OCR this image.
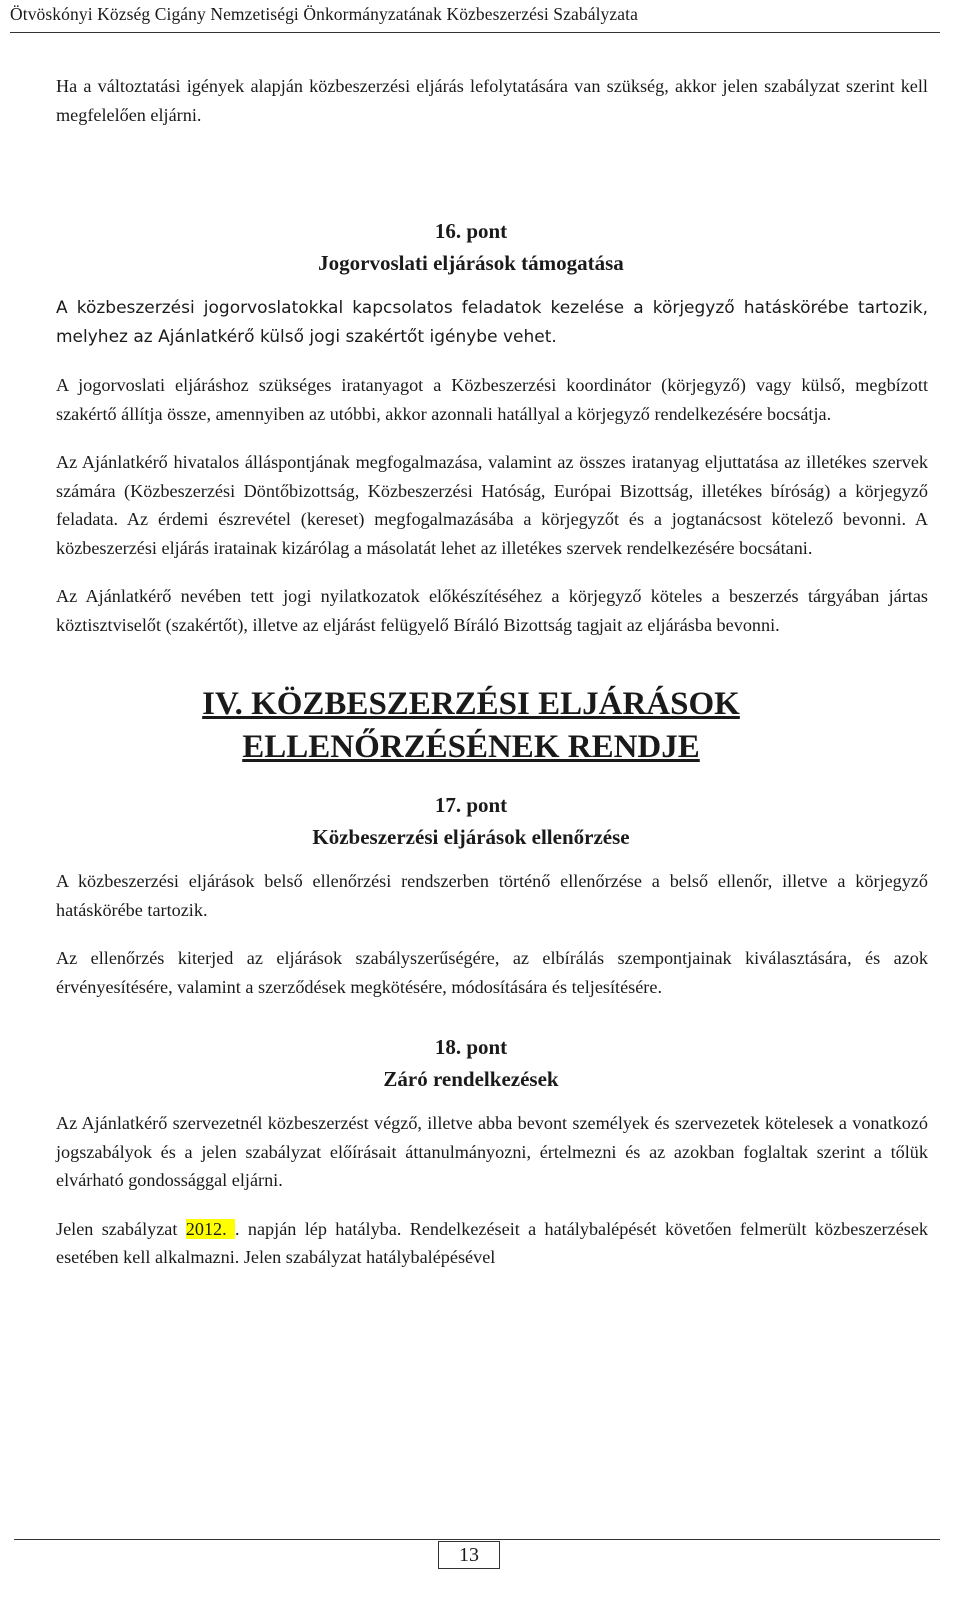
Ötvöskónyi Község Cigány Nemzetiségi Önkormányzatának Közbeszerzési Szabályzata

Ha a változtatási igények alapján közbeszerzési eljárás lefolytatására van szükség, akkor jelen szabályzat szerint kell megfelelően eljárni.

16. pont
Jogorvoslati eljárások támogatása

A közbeszerzési jogorvoslatokkal kapcsolatos feladatok kezelése a körjegyző hatáskörébe tartozik, melyhez az Ajánlatkérő külső jogi szakértőt igénybe vehet.

A jogorvoslati eljáráshoz szükséges iratanyagot a Közbeszerzési koordinátor (körjegyző) vagy külső, megbízott szakértő állítja össze, amennyiben az utóbbi, akkor azonnali hatállyal a körjegyző rendelkezésére bocsátja.

Az Ajánlatkérő hivatalos álláspontjának megfogalmazása, valamint az összes iratanyag eljuttatása az illetékes szervek számára (Közbeszerzési Döntőbizottság, Közbeszerzési Hatóság, Európai Bizottság, illetékes bíróság) a körjegyző feladata. Az érdemi észrevétel (kereset) megfogalmazásába a körjegyzőt és a jogtanácsost kötelező bevonni. A közbeszerzési eljárás iratainak kizárólag a másolatát lehet az illetékes szervek rendelkezésére bocsátani.

Az Ajánlatkérő nevében tett jogi nyilatkozatok előkészítéséhez a körjegyző köteles a beszerzés tárgyában jártas köztisztviselőt (szakértőt), illetve az eljárást felügyelő Bíráló Bizottság tagjait az eljárásba bevonni.

IV. KÖZBESZERZÉSI ELJÁRÁSOK
ELLENŐRZÉSÉNEK RENDJE
17. pont
Közbeszerzési eljárások ellenőrzése

A közbeszerzési eljárások belső ellenőrzési rendszerben történő ellenőrzése a belső ellenőr, illetve a körjegyző hatáskörébe tartozik.

Az ellenőrzés kiterjed az eljárások szabályszerűségére, az elbírálás szempontjainak kiválasztására, és azok érvényesítésére, valamint a szerződések megkötésére, módosítására és teljesítésére.

18. pont
Záró rendelkezések

Az Ajánlatkérő szervezetnél közbeszerzést végző, illetve abba bevont személyek és szervezetek kötelesek a vonatkozó jogszabályok és a jelen szabályzat előírásait áttanulmányozni, értelmezni és az azokban foglaltak szerint a tőlük elvárható gondossággal eljárni.

Jelen szabályzat 2012. . napján lép hatályba. Rendelkezéseit a hatálybalépését követően felmerült közbeszerzések esetében kell alkalmazni. Jelen szabályzat hatálybalépésével

13
